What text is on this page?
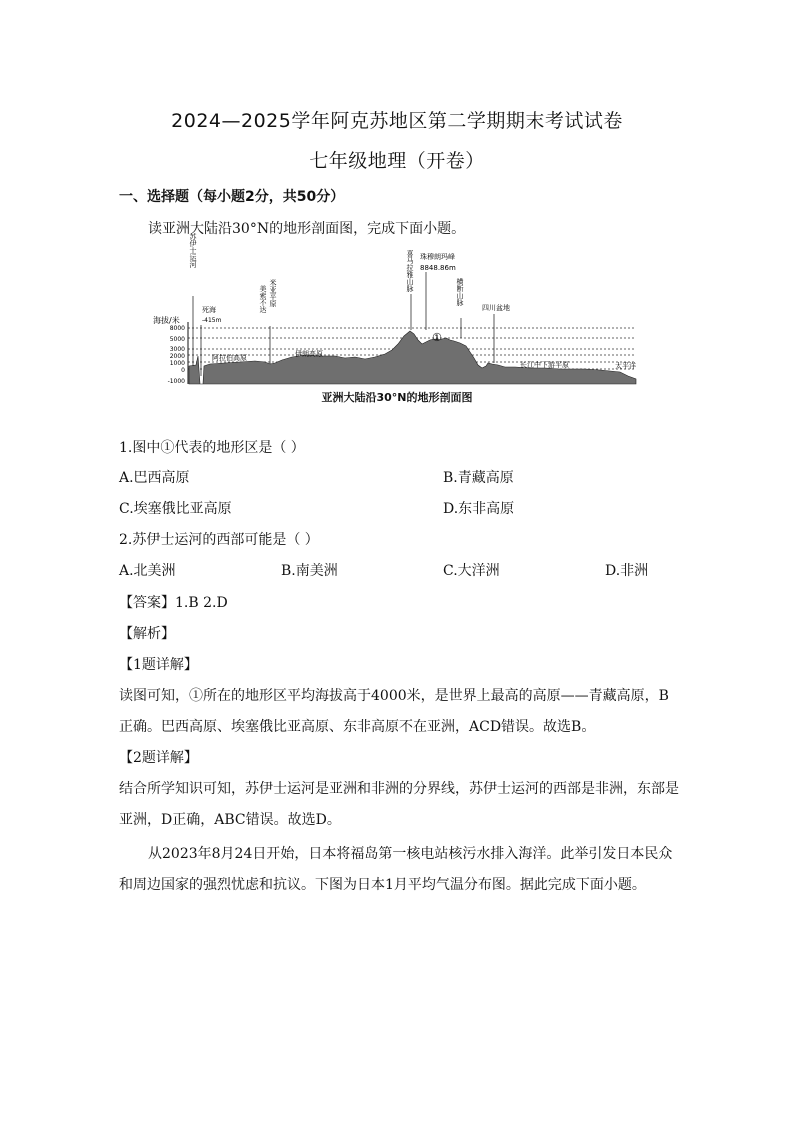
2024—2025学年阿克苏地区第二学期期末考试试卷
七年级地理（开卷）
一、选择题（每小题2分，共50分）
读亚洲大陆沿30°N的地形剖面图，完成下面小题。
海拔/米
8000
5000
3000
2000
1000
0
-1000
①
苏伊士运河
死海
-415m
美索不达 米亚平原
阿拉伯高原	伊朗高原
喜马拉雅山脉 珠穆朗玛峰
8848.86m
横断山脉
四川盆地
长江中下游平原	太平洋
亚洲大陆沿30°N的地形剖面图
1.图中①代表的地形区是（ ）
A.巴西高原	B.青藏高原
C.埃塞俄比亚高原	D.东非高原
2.苏伊士运河的西部可能是（ ）
A.北美洲	B.南美洲	C.大洋洲	D.非洲
【答案】1.B 2.D
【解析】
【1题详解】
读图可知，①所在的地形区平均海拔高于4000米，是世界上最高的高原——青藏高原，B
正确。巴西高原、埃塞俄比亚高原、东非高原不在亚洲，ACD错误。故选B。
【2题详解】
结合所学知识可知，苏伊士运河是亚洲和非洲的分界线，苏伊士运河的西部是非洲，东部是
亚洲，D正确，ABC错误。故选D。
从2023年8月24日开始，日本将福岛第一核电站核污水排入海洋。此举引发日本民众
和周边国家的强烈忧虑和抗议。下图为日本1月平均气温分布图。据此完成下面小题。
